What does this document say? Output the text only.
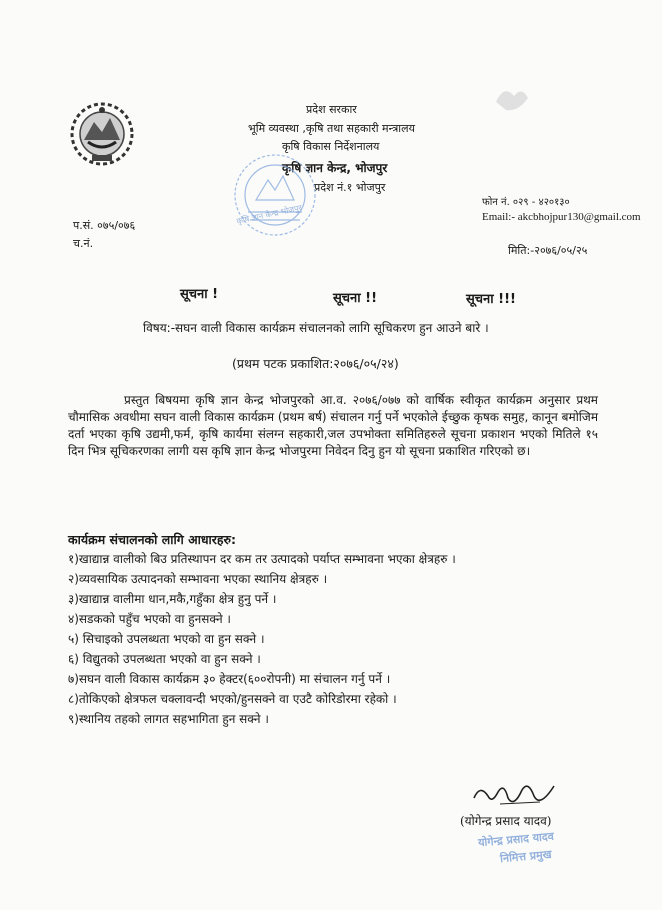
प्रदेश सरकार
भूमि व्यवस्था ,कृषि तथा सहकारी मन्त्रालय
कृषि विकास निर्देशनालय
कृषि ज्ञान केन्द्र, भोजपुर
प्रदेश नं.१ भोजपुर
कृषि ज्ञान केन्द्र भोजपुर
फोन नं. ०२९ - ४२०१३०
Email:- akcbhojpur130@gmail.com
प.सं. ०७५/०७६
च.नं.
मिति:-२०७६/०५/२५
सूचना !	सूचना !!	सूचना !!!
विषय:-सघन वाली विकास कार्यक्रम संचालनको लागि सूचिकरण हुन आउने बारे ।
(प्रथम पटक प्रकाशित:२०७६/०५/२४)
प्रस्तुत बिषयमा कृषि ज्ञान केन्द्र भोजपुरको आ.व. २०७६/०७७ को वार्षिक स्वीकृत कार्यक्रम अनुसार प्रथम चौमासिक अवधीमा सघन वाली विकास कार्यक्रम (प्रथम बर्ष) संचालन गर्नु पर्ने भएकोले ईच्छुक कृषक समुह, कानून बमोजिम दर्ता भएका कृषि उद्यमी,फर्म, कृषि कार्यमा संलग्न सहकारी,जल उपभोक्ता समितिहरुले सूचना प्रकाशन भएको मितिले १५ दिन भित्र सूचिकरणका लागी यस कृषि ज्ञान केन्द्र भोजपुरमा निवेदन दिनु हुन यो सूचना प्रकाशित गरिएको छ।
कार्यक्रम संचालनको लागि आधारहरु:
१)खाद्यान्न वालीको बिउ प्रतिस्थापन दर कम तर उत्पादको पर्याप्त सम्भावना भएका क्षेत्रहरु ।
२)व्यवसायिक उत्पादनको सम्भावना भएका स्थानिय क्षेत्रहरु ।
३)खाद्यान्न वालीमा धान,मकै,गहुँका क्षेत्र हुनु पर्ने ।
४)सडकको पहुँच भएको वा हुनसक्ने ।
५) सिचाइको उपलब्धता भएको वा हुन सक्ने ।
६) विद्युतको उपलब्धता भएको वा हुन सक्ने ।
७)सघन वाली विकास कार्यक्रम ३० हेक्टर(६००रोपनी) मा संचालन गर्नु पर्ने ।
८)तोकिएको क्षेत्रफल चक्लावन्दी भएको/हुनसक्ने वा एउटै कोरिडोरमा रहेको ।
९)स्थानिय तहको लागत सहभागिता हुन सक्ने ।
(योगेन्द्र प्रसाद यादव)
योगेन्द्र प्रसाद यादव
निमित्त प्रमुख
